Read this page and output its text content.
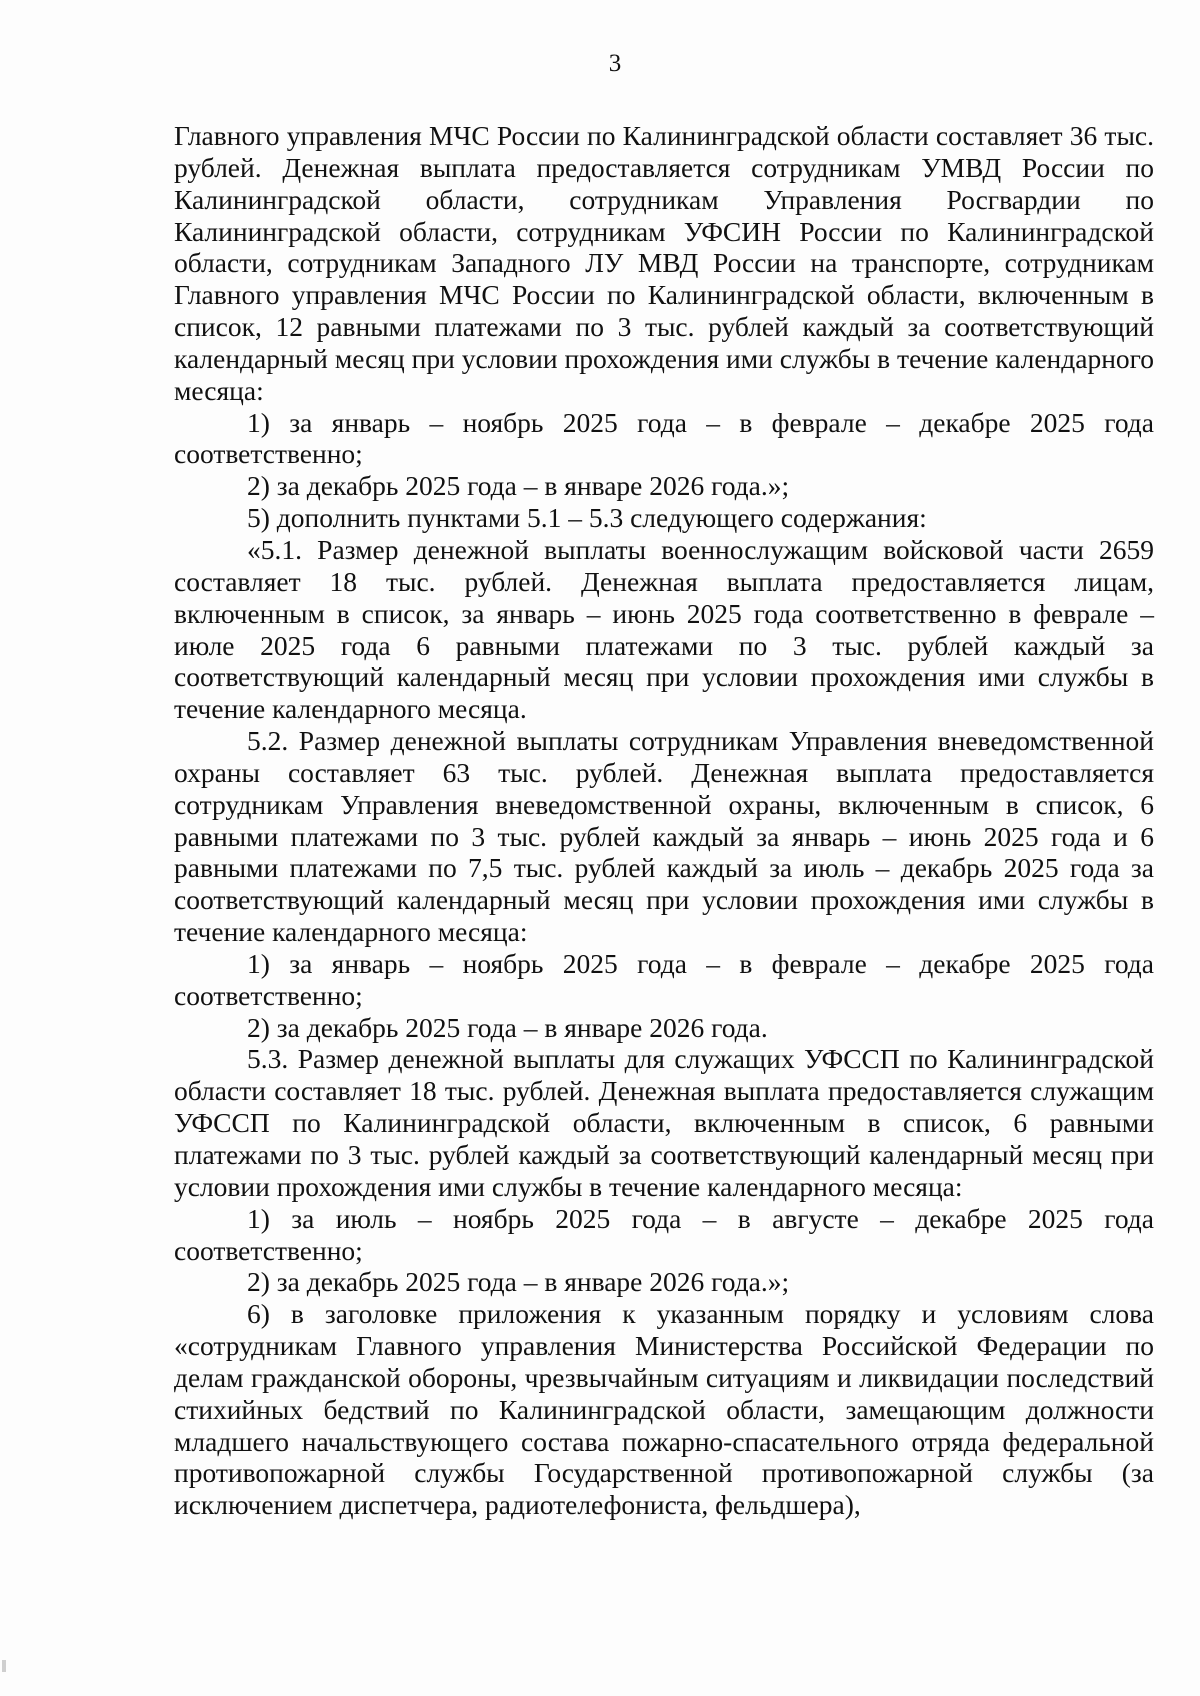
3

Главного управления МЧС России по Калининградской области составляет 36 тыс. рублей. Денежная выплата предоставляется сотрудникам УМВД России по Калининградской области, сотрудникам Управления Росгвардии по Калининградской области, сотрудникам УФСИН России по Калининградской области, сотрудникам Западного ЛУ МВД России на транспорте, сотрудникам Главного управления МЧС России по Калининградской области, включенным в список, 12 равными платежами по 3 тыс. рублей каждый за соответствующий календарный месяц при условии прохождения ими службы в течение календарного месяца:

1) за январь – ноябрь 2025 года – в феврале – декабре 2025 года соответственно;

2) за декабрь 2025 года – в январе 2026 года.»;

5) дополнить пунктами 5.1 – 5.3 следующего содержания:

«5.1. Размер денежной выплаты военнослужащим войсковой части 2659 составляет 18 тыс. рублей. Денежная выплата предоставляется лицам, включенным в список, за январь – июнь 2025 года соответственно в феврале – июле 2025 года 6 равными платежами по 3 тыс. рублей каждый за соответствующий календарный месяц при условии прохождения ими службы в течение календарного месяца.

5.2. Размер денежной выплаты сотрудникам Управления вневедомственной охраны составляет 63 тыс. рублей. Денежная выплата предоставляется сотрудникам Управления вневедомственной охраны, включенным в список, 6 равными платежами по 3 тыс. рублей каждый за январь – июнь 2025 года и 6 равными платежами по 7,5 тыс. рублей каждый за июль – декабрь 2025 года за соответствующий календарный месяц при условии прохождения ими службы в течение календарного месяца:

1) за январь – ноябрь 2025 года – в феврале – декабре 2025 года соответственно;

2) за декабрь 2025 года – в январе 2026 года.

5.3. Размер денежной выплаты для служащих УФССП по Калининградской области составляет 18 тыс. рублей. Денежная выплата предоставляется служащим УФССП по Калининградской области, включенным в список, 6 равными платежами по 3 тыс. рублей каждый за соответствующий календарный месяц при условии прохождения ими службы в течение календарного месяца:

1) за июль – ноябрь 2025 года – в августе – декабре 2025 года соответственно;

2) за декабрь 2025 года – в январе 2026 года.»;

6) в заголовке приложения к указанным порядку и условиям слова «сотрудникам Главного управления Министерства Российской Федерации по делам гражданской обороны, чрезвычайным ситуациям и ликвидации последствий стихийных бедствий по Калининградской области, замещающим должности младшего начальствующего состава пожарно-спасательного отряда федеральной противопожарной службы Государственной противопожарной службы (за исключением диспетчера, радиотелефониста, фельдшера),
